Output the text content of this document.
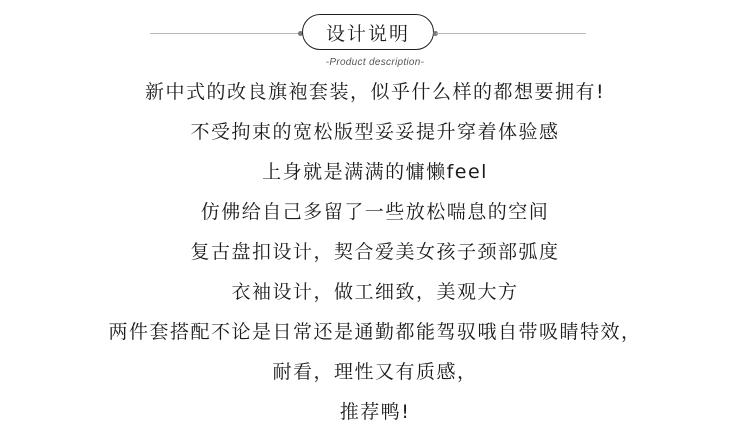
设计说明
-Product description-
新中式的改良旗袍套装，似乎什么样的都想要拥有!
不受拘束的宽松版型妥妥提升穿着体验感
上身就是满满的慵懒feel
仿佛给自己多留了一些放松喘息的空间
复古盘扣设计，契合爱美女孩子颈部弧度
衣袖设计，做工细致，美观大方
两件套搭配不论是日常还是通勤都能驾驭哦自带吸睛特效，
耐看，理性又有质感，
推荐鸭!
